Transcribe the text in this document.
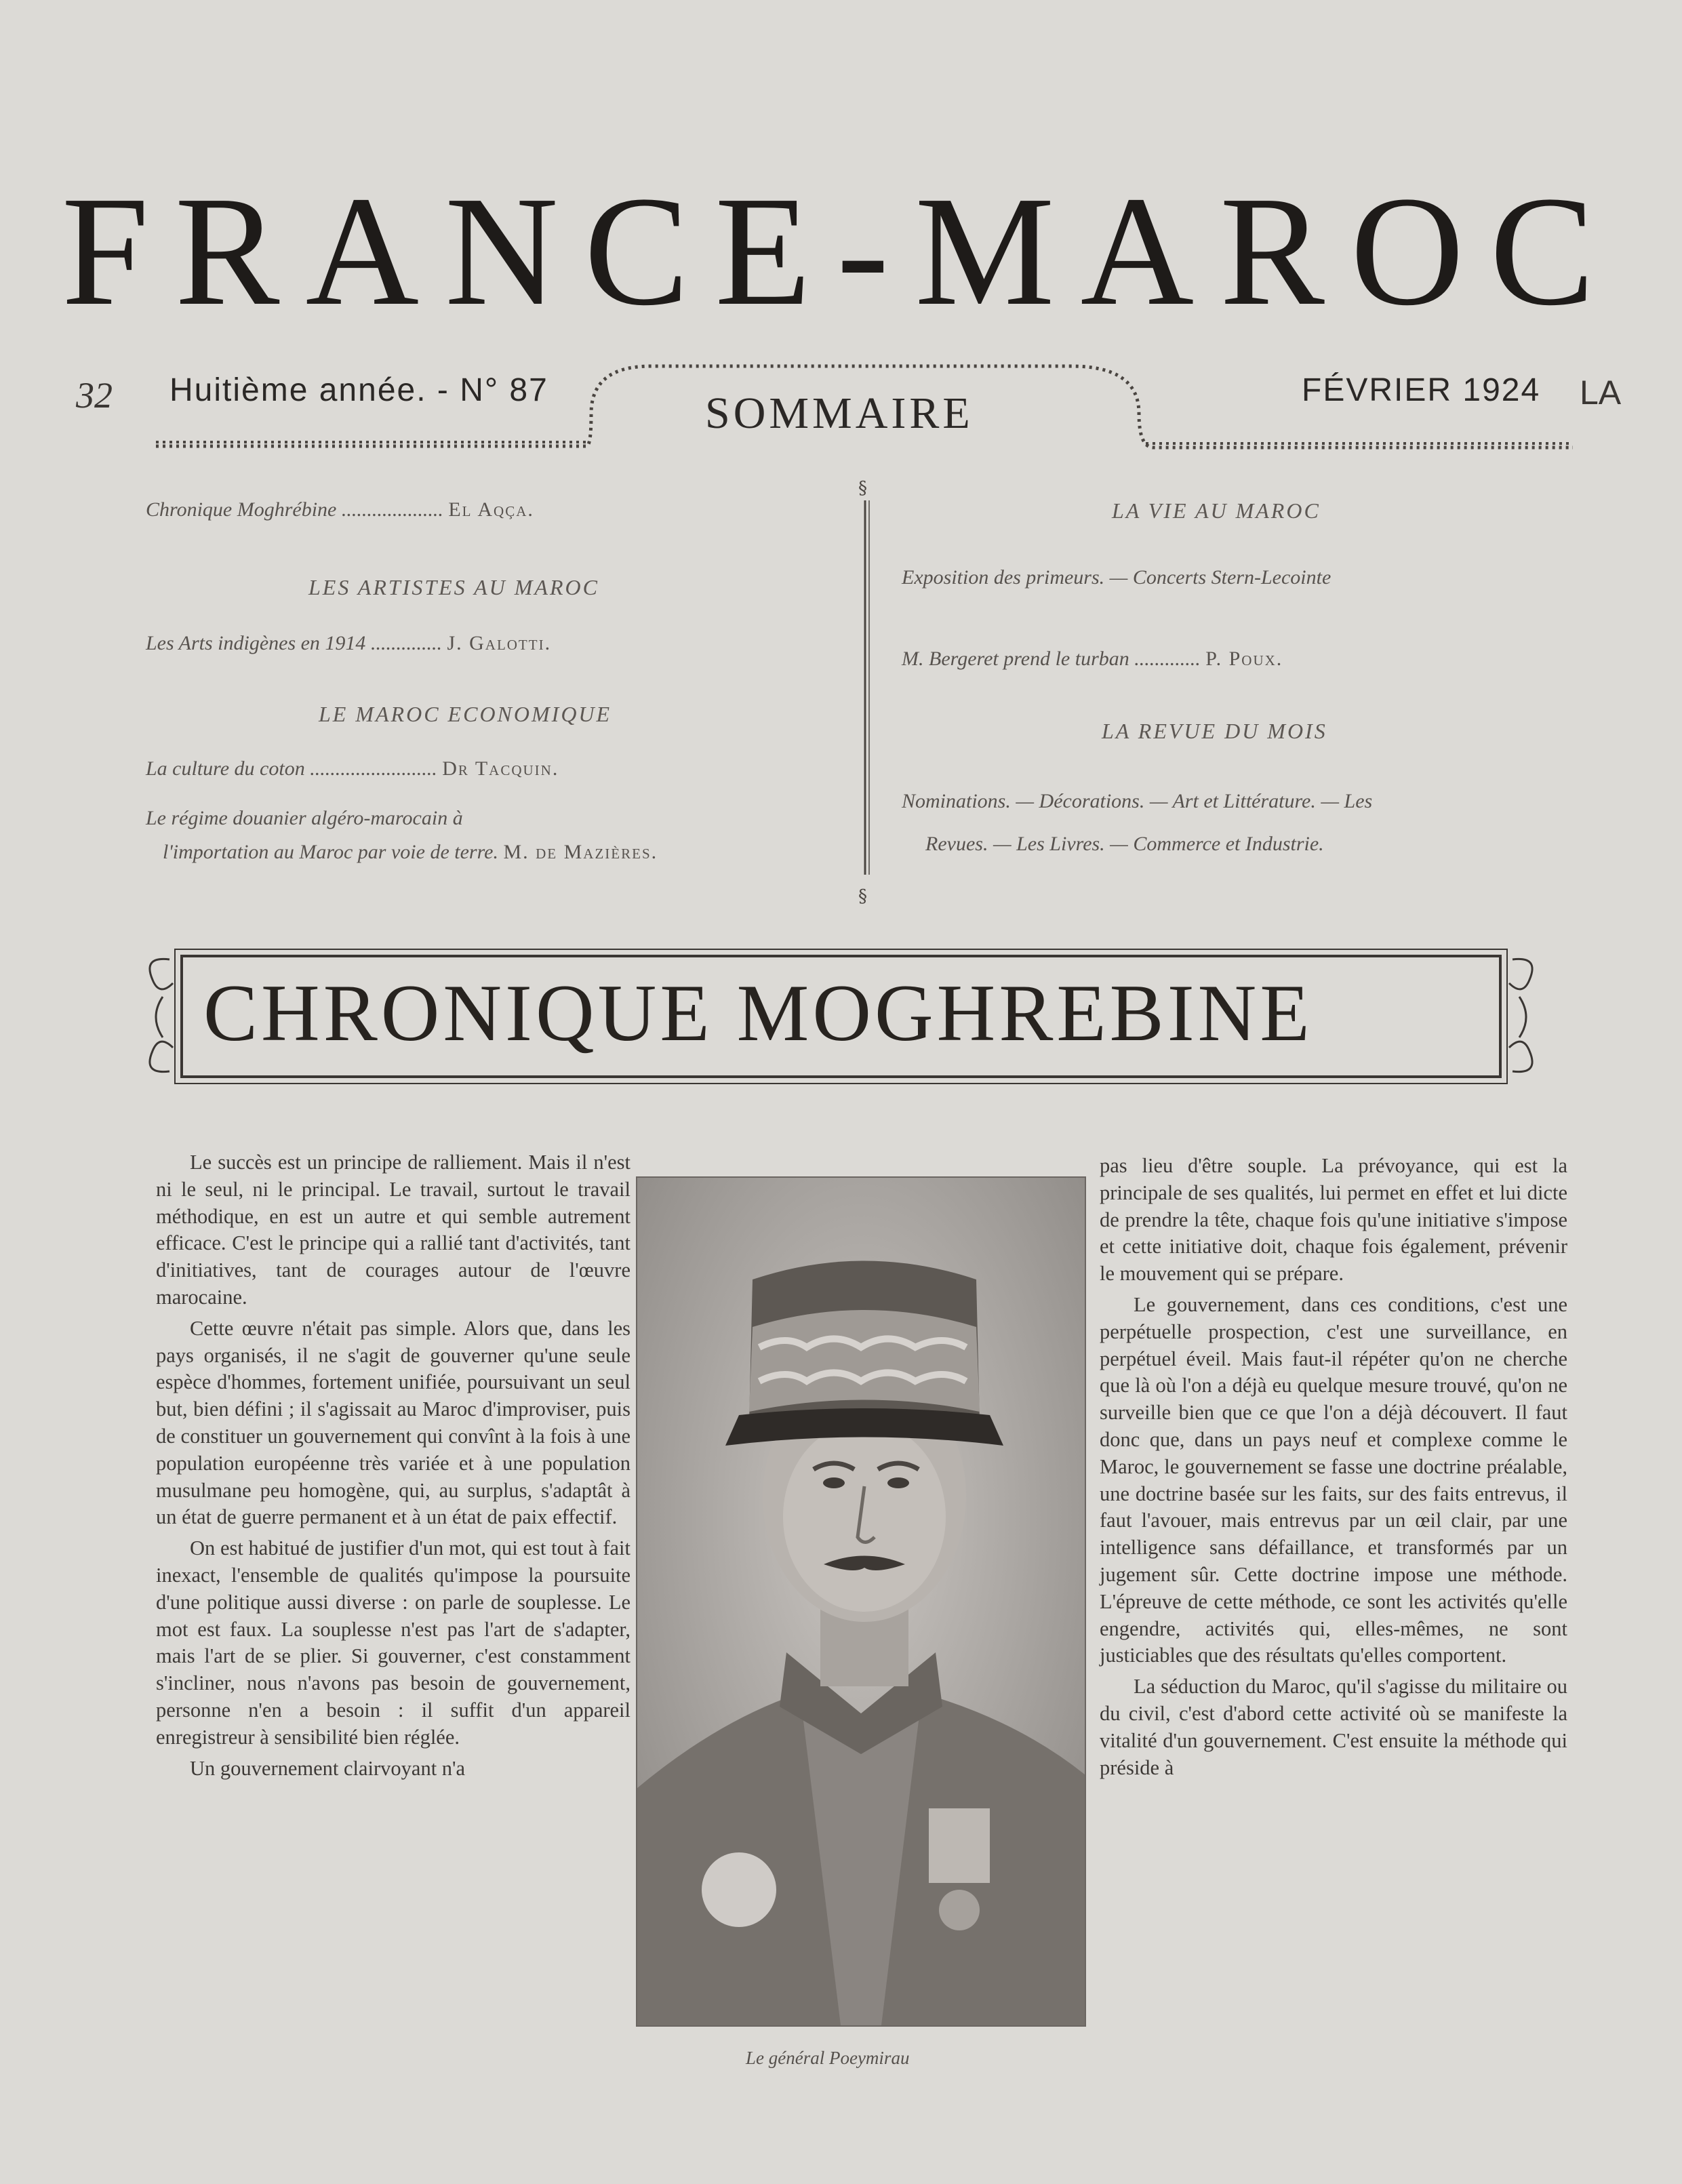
FRANCE-MAROC
32 Huitième année. - N° 87	FÉVRIER 1924 LA
SOMMAIRE
Chronique Moghrébine .................... El Aqça.
LES ARTISTES AU MAROC
Les Arts indigènes en 1914 .............. J. Galotti.
LE MAROC ECONOMIQUE
La culture du coton ......................... Dr Tacquin.
Le régime douanier algéro-marocain à
l'importation au Maroc par voie de terre. M. de Mazières.
§
§
LA VIE AU MAROC
Exposition des primeurs. — Concerts Stern-Lecointe
M. Bergeret prend le turban ............. P. Poux.
LA REVUE DU MOIS
Nominations. — Décorations. — Art et Littérature. — Les
Revues. — Les Livres. — Commerce et Industrie.
CHRONIQUE MOGHREBINE

Le succès est un principe de ralliement. Mais il n'est ni le seul, ni le principal. Le travail, surtout le travail méthodique, en est un autre et qui semble autrement efficace. C'est le principe qui a rallié tant d'activités, tant d'initiatives, tant de courages autour de l'œuvre marocaine.

Cette œuvre n'était pas simple. Alors que, dans les pays organisés, il ne s'agit de gouverner qu'une seule espèce d'hommes, fortement unifiée, poursuivant un seul but, bien défini ; il s'agissait au Maroc d'improviser, puis de constituer un gouvernement qui convînt à la fois à une population européenne très variée et à une population musulmane peu homogène, qui, au surplus, s'adaptât à un état de guerre permanent et à un état de paix effectif.

On est habitué de justifier d'un mot, qui est tout à fait inexact, l'ensemble de qualités qu'impose la poursuite d'une politique aussi diverse : on parle de souplesse. Le mot est faux. La souplesse n'est pas l'art de s'adapter, mais l'art de se plier. Si gouverner, c'est constamment s'incliner, nous n'avons pas besoin de gouvernement, personne n'en a besoin : il suffit d'un appareil enregistreur à sensibilité bien réglée.

Un gouvernement clairvoyant n'a

Le général Poeymirau

pas lieu d'être souple. La prévoyance, qui est la principale de ses qualités, lui permet en effet et lui dicte de prendre la tête, chaque fois qu'une initiative s'impose et cette initiative doit, chaque fois également, prévenir le mouvement qui se prépare.

Le gouvernement, dans ces conditions, c'est une perpétuelle prospection, c'est une surveillance, en perpétuel éveil. Mais faut-il répéter qu'on ne cherche que là où l'on a déjà eu quelque mesure trouvé, qu'on ne surveille bien que ce que l'on a déjà découvert. Il faut donc que, dans un pays neuf et complexe comme le Maroc, le gouvernement se fasse une doctrine préalable, une doctrine basée sur les faits, sur des faits entrevus, il faut l'avouer, mais entrevus par un œil clair, par une intelligence sans défaillance, et transformés par un jugement sûr. Cette doctrine impose une méthode. L'épreuve de cette méthode, ce sont les activités qu'elle engendre, activités qui, elles-mêmes, ne sont justiciables que des résultats qu'elles comportent.

La séduction du Maroc, qu'il s'agisse du militaire ou du civil, c'est d'abord cette activité où se manifeste la vitalité d'un gouvernement. C'est ensuite la méthode qui préside à
